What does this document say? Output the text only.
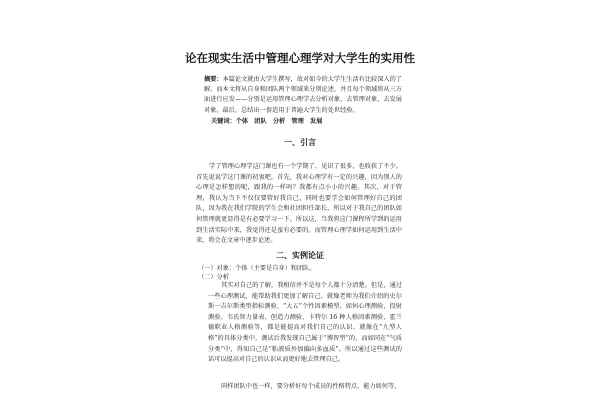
论在现实生活中管理心理学对大学生的实用性
摘要：本篇论文就由大学生撰写，故对如今的大学生生活有比较深入的了解。而本文将从自身和团队两个领域来分别论述，并且每个领域将从三方面进行应发——分别是运用管理心理学去分析对象，去管理对象，去发展对象。最后，总结出一套适用于普遍大学生的处世经验。
关键词：个体　团队　分析　管理　发展
一、引言
学了管理心理学这门课也有一个学期了，见识了很多，也收获了不少。首先说说学这门课的初衷吧。首先，我对心理学有一定的兴趣，因为别人的心理是怎样想的呢，跟我的一样吗？我都有点小小的兴趣。其次，对于管理，我认为当下不仅仅要管好我自己，同时也要学会如何管理好自己的团队，因为我在我们学院的学生会和社团担任部长，所以对于我自己的团队如何管理就更显得是有必要学习一下。所以这，当我将这门课程所学到的运用到生活实际中来，我觉得还是蛮有必要的。而管理心理学如何运用到生活中来，将会在文章中逐步论述。
二、实例论证
（一）对象：个体（主要是自身）和团队。
（二）分析
其实对自己的了解，我相信并不是每个人都十分清楚。但是，通过一些心理测试，能帮助我们更加了解自己。就像老师为我们介绍的史尔斯一吉尔斯类型指标测验、“大五”个性因素模型、如何心理测验，投射测验、韦氏智力量表、创造力测验、卡特尔 16 种人格因素测验、霍兰德职业人格测验等，都是能提高对我们自己的认识。就像在“九型人格”的具体分类中，测试后我发现自己属于“博智型”的，而如同在“气质分类”中，得知自己是“粘液质外加偏向多血质”。所以通过这些测试的话可以提高对自己的认识从而更好地去管理自己。
同样团队中也一样，要分析好每个成员的性格特点，能力如何等，
